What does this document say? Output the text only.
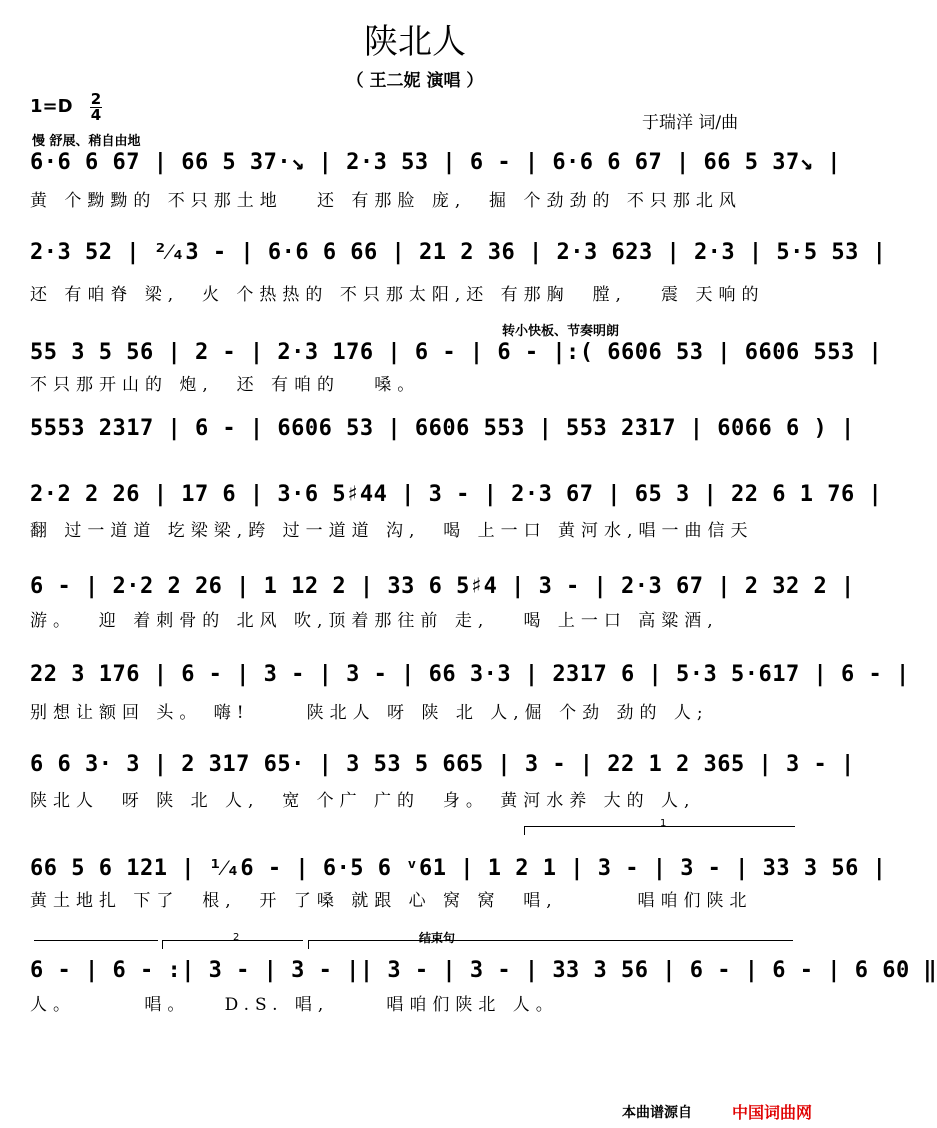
陕北人
（ 王二妮 演唱 ）
1=D 2
4
慢 舒展、稍自由地
于瑞洋 词/曲
转小快板、节奏明朗
6·6 6 67 | 66 5 37·↘ | 2·3 53 | 6 - | 6·6 6 67 | 66 5 37↘ |
黄 个黝黝的 不只那土地   还 有那脸 庞,  掘 个劲劲的 不只那北风
2·3 52 | ²⁄₄3 - | 6·6 6 66 | 21 2 36 | 2·3 623 | 2·3 | 5·5 53 |
还 有咱脊 梁,  火 个热热的 不只那太阳,还 有那胸  膛,   震 天响的
55 3 5 56 | 2 - | 2·3 176 | 6 - | 6 - |:( 6606 53 | 6606 553 |
不只那开山的 炮,  还 有咱的   嗓。
5553 2317 | 6 - | 6606 53 | 6606 553 | 553 2317 | 6066 6 ) |
2·2 2 26 | 17 6 | 3·6 5♯44 | 3 - | 2·3 67 | 65 3 | 22 6 1 76 |
翻 过一道道 圪梁梁,跨 过一道道 沟,  喝 上一口 黄河水,唱一曲信天
6 - | 2·2 2 26 | 1 12 2 | 33 6 5♯4 | 3 - | 2·3 67 | 2 32 2 |
游。  迎 着刺骨的 北风 吹,顶着那往前 走,   喝 上一口 高粱酒,
22 3 176 | 6 - | 3 - | 3 - | 66 3·3 | 2317 6 | 5·3 5·617 | 6 - |
别想让额回 头。 嗨!     陕北人 呀 陕 北 人,倔 个劲 劲的 人;
6 6 3· 3 | 2 317 65· | 3 53 5 665 | 3 - | 22 1 2 365 | 3 - |
陕北人  呀 陕 北 人,  宽 个广 广的  身。 黄河水养 大的 人,
1
66 5 6 121 | ¹⁄₄6 - | 6·5 6 ᵛ61 | 1 2 1 | 3 - | 3 - | 33 3 56 |
黄土地扎 下了  根,  开 了嗓 就跟 心 窝 窝  唱,       唱咱们陕北
2	结束句
6 - | 6 - :| 3 - | 3 - || 3 - | 3 - | 33 3 56 | 6 - | 6 - | 6 60 ‖
人。      唱。   D.S. 唱,     唱咱们陕北 人。
本曲谱源自	中国词曲网
